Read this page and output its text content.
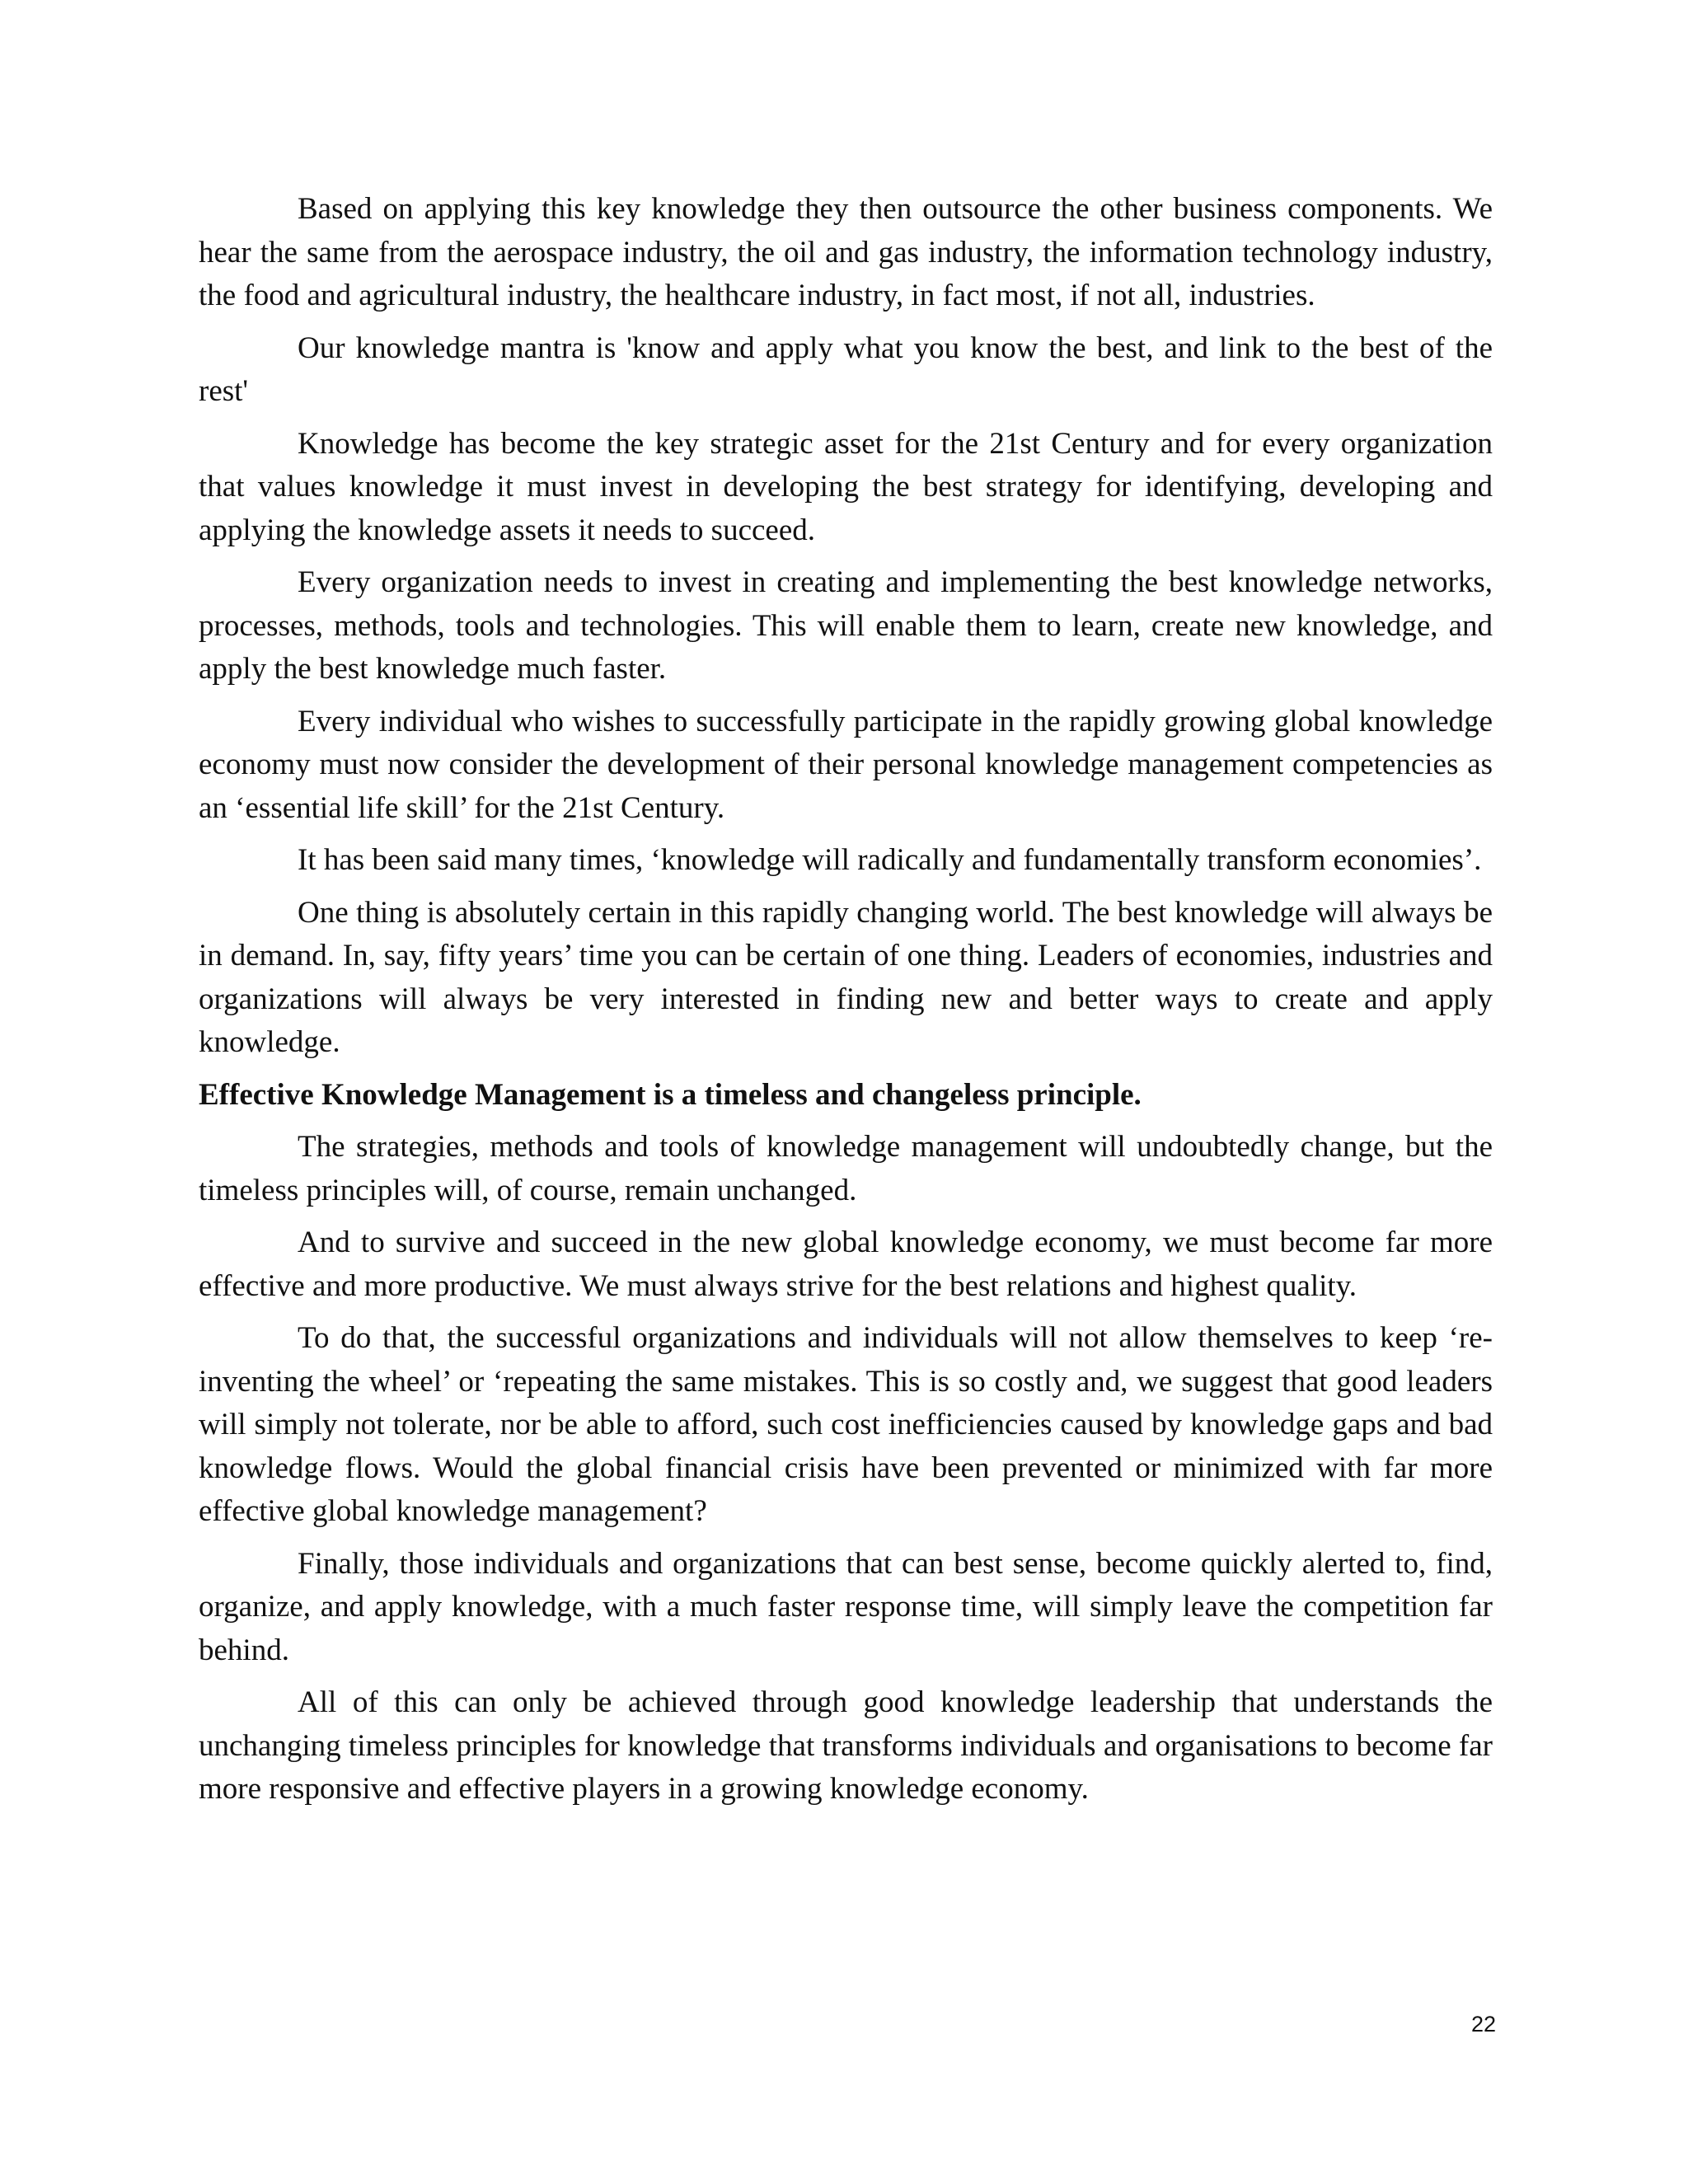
Based on applying this key knowledge they then outsource the other business components. We hear the same from the aerospace industry, the oil and gas industry, the information technology industry, the food and agricultural industry, the healthcare industry, in fact most, if not all, industries.

Our knowledge mantra is 'know and apply what you know the best, and link to the best of the rest'

Knowledge has become the key strategic asset for the 21st Century and for every organization that values knowledge it must invest in developing the best strategy for identifying, developing and applying the knowledge assets it needs to succeed.

Every organization needs to invest in creating and implementing the best knowledge networks, processes, methods, tools and technologies. This will enable them to learn, create new knowledge, and apply the best knowledge much faster.

Every individual who wishes to successfully participate in the rapidly growing global knowledge economy must now consider the development of their personal knowledge management competencies as an ‘essential life skill’ for the 21st Century.

It has been said many times, ‘knowledge will radically and fundamentally transform economies’.

One thing is absolutely certain in this rapidly changing world. The best knowledge will always be in demand. In, say, fifty years’ time you can be certain of one thing. Leaders of economies, industries and organizations will always be very interested in finding new and better ways to create and apply knowledge.

Effective Knowledge Management is a timeless and changeless principle.

The strategies, methods and tools of knowledge management will undoubtedly change, but the timeless principles will, of course, remain unchanged.

And to survive and succeed in the new global knowledge economy, we must become far more effective and more productive. We must always strive for the best relations and highest quality.

To do that, the successful organizations and individuals will not allow themselves to keep ‘re-inventing the wheel’ or ‘repeating the same mistakes. This is so costly and, we suggest that good leaders will simply not tolerate, nor be able to afford, such cost inefficiencies caused by knowledge gaps and bad knowledge flows. Would the global financial crisis have been prevented or minimized with far more effective global knowledge management?

Finally, those individuals and organizations that can best sense, become quickly alerted to, find, organize, and apply knowledge, with a much faster response time, will simply leave the competition far behind.

All of this can only be achieved through good knowledge leadership that understands the unchanging timeless principles for knowledge that transforms individuals and organisations to become far more responsive and effective players in a growing knowledge economy.

22
